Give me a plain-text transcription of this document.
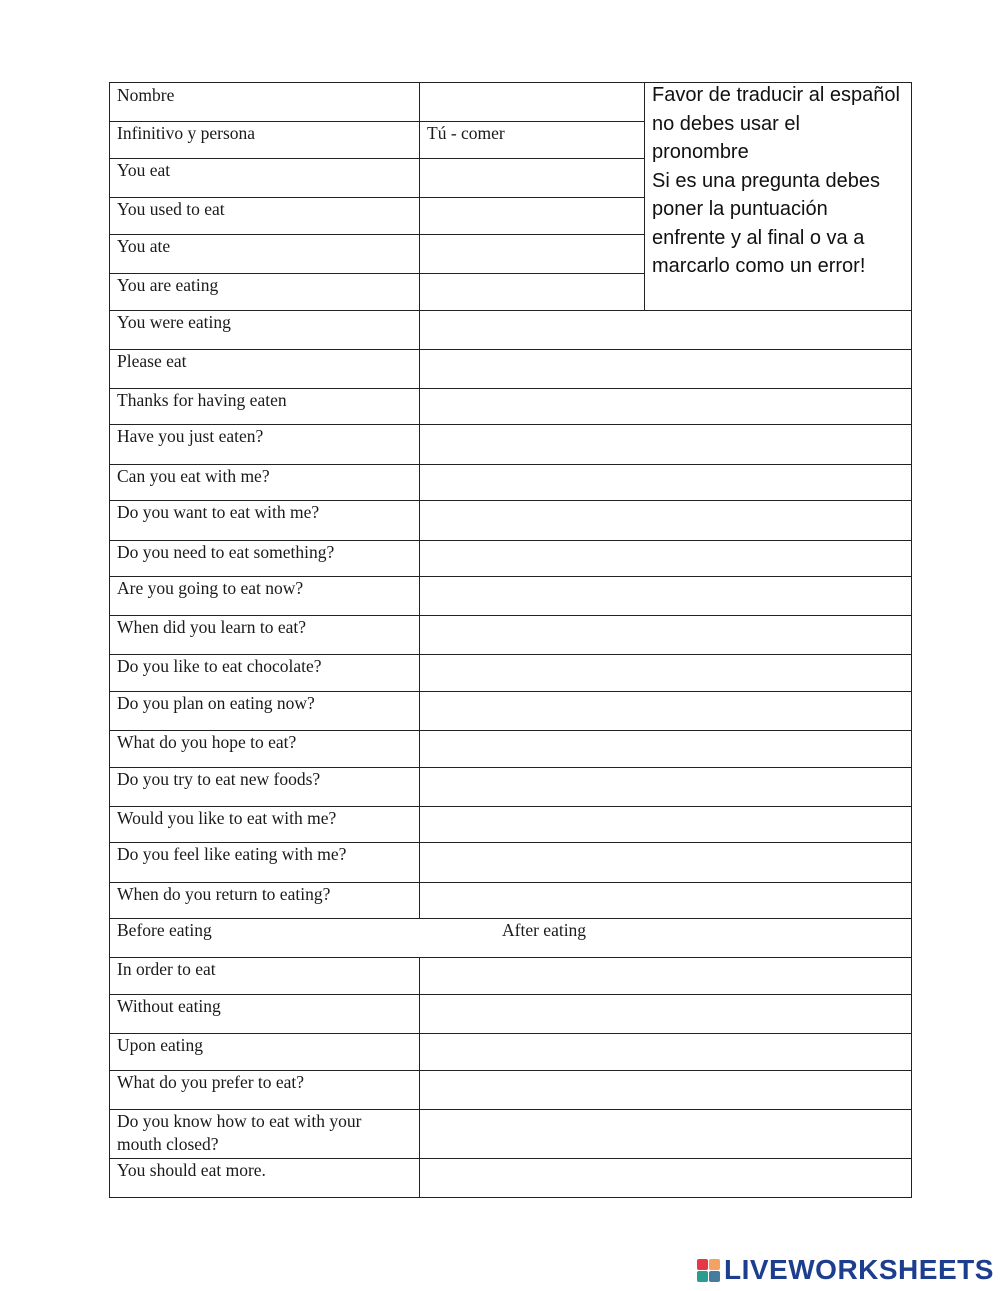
Nombre
Infinitivo y persona	Tú - comer
You eat
You used to eat
You ate
You are eating
You were eating
Please eat
Thanks for having eaten
Have you just eaten?
Can you eat with me?
Do you want to eat with me?
Do you need to eat something?
Are you going to eat now?
When did you learn to eat?
Do you like to eat chocolate?
Do you plan on eating now?
What do you hope to eat?
Do you try to eat new foods?
Would you like to eat with me?
Do you feel like eating with me?
When do you return to eating?
Before eating	After eating
In order to eat
Without eating
Upon eating
What do you prefer to eat?
Do you know how to eat with your mouth closed?
You should eat more.

Favor de traducir al español no debes usar el pronombre

Si es una pregunta debes poner la puntuación enfrente y al final o va a marcarlo como un error!

LIVEWORKSHEETS
